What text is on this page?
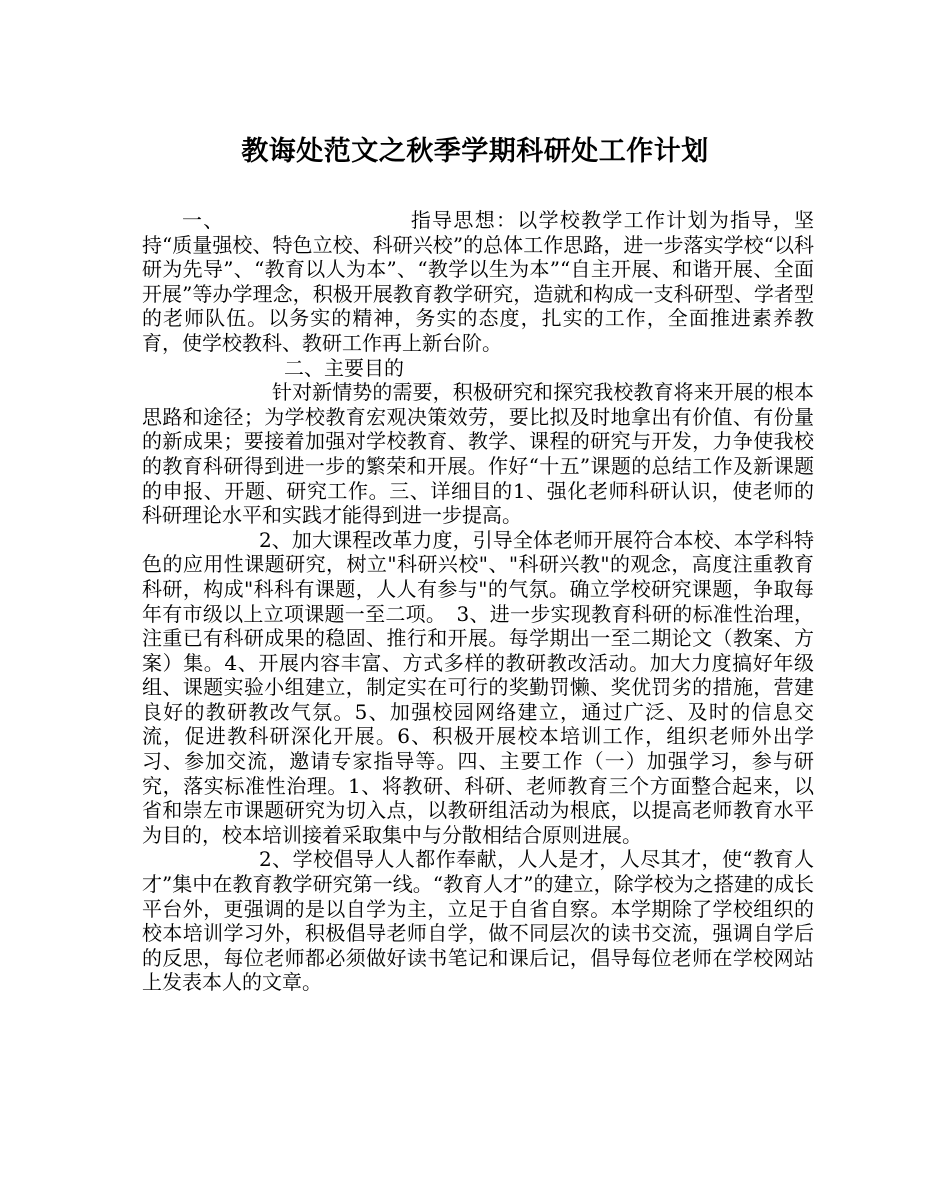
教诲处范文之秋季学期科研处工作计划

一、	指导思想：以学校教学工作计划为指导，坚持“质量强校、特色立校、科研兴校”的总体工作思路，进一步落实学校“以科研为先导”、“教育以人为本”、“教学以生为本”“自主开展、和谐开展、全面开展”等办学理念，积极开展教育教学研究，造就和构成一支科研型、学者型的老师队伍。以务实的精神，务实的态度，扎实的工作，全面推进素养教育，使学校教科、教研工作再上新台阶。

二、主要目的

针对新情势的需要，积极研究和探究我校教育将来开展的根本思路和途径；为学校教育宏观决策效劳，要比拟及时地拿出有价值、有份量的新成果；要接着加强对学校教育、教学、课程的研究与开发，力争使我校的教育科研得到进一步的繁荣和开展。作好“十五”课题的总结工作及新课题的申报、开题、研究工作。三、详细目的1、强化老师科研认识，使老师的科研理论水平和实践才能得到进一步提高。

2、加大课程改革力度，引导全体老师开展符合本校、本学科特色的应用性课题研究，树立"科研兴校"、"科研兴教"的观念，高度注重教育科研，构成"科科有课题，人人有参与"的气氛。确立学校研究课题，争取每年有市级以上立项课题一至二项。　3、进一步实现教育科研的标准性治理，注重已有科研成果的稳固、推行和开展。每学期出一至二期论文（教案、方案）集。4、开展内容丰富、方式多样的教研教改活动。加大力度搞好年级组、课题实验小组建立，制定实在可行的奖勤罚懒、奖优罚劣的措施，营建良好的教研教改气氛。5、加强校园网络建立，通过广泛、及时的信息交流，促进教科研深化开展。6、积极开展校本培训工作，组织老师外出学习、参加交流，邀请专家指导等。四、主要工作（一）加强学习，参与研究，落实标准性治理。1、将教研、科研、老师教育三个方面整合起来，以省和崇左市课题研究为切入点，以教研组活动为根底，以提高老师教育水平为目的，校本培训接着采取集中与分散相结合原则进展。

2、学校倡导人人都作奉献，人人是才，人尽其才，使“教育人才”集中在教育教学研究第一线。“教育人才”的建立，除学校为之搭建的成长平台外，更强调的是以自学为主，立足于自省自察。本学期除了学校组织的校本培训学习外，积极倡导老师自学，做不同层次的读书交流，强调自学后的反思，每位老师都必须做好读书笔记和课后记，倡导每位老师在学校网站上发表本人的文章。
